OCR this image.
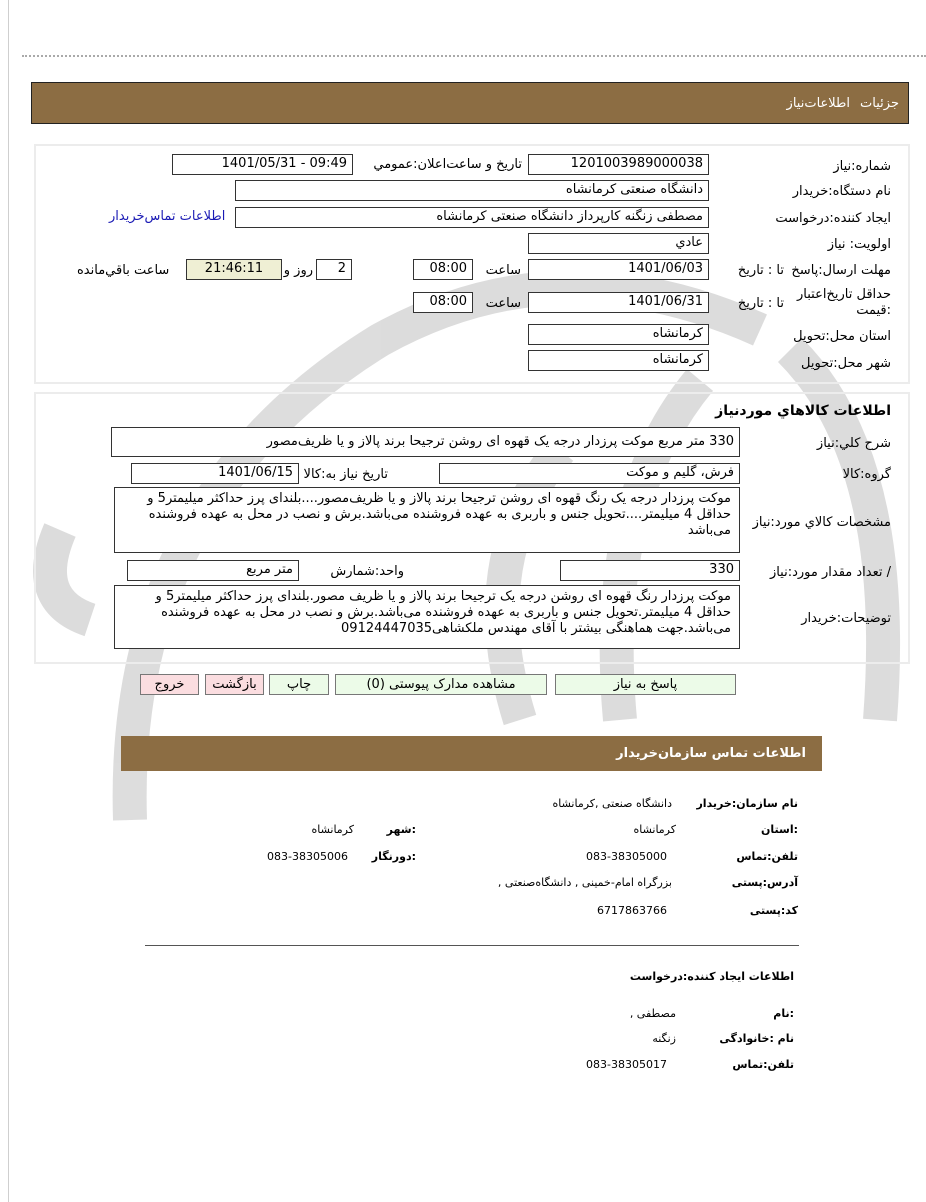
جزئیات
اطلاعات‌نیاز
شماره:نیاز
1201003989000038
تاریخ و ساعت‌اعلان:عمومي
1401/05/31 - 09:49
نام دستگاه:خریدار
دانشگاه صنعتی کرمانشاه
ایجاد کننده:درخواست
مصطفی زنگنه کارپرداز دانشگاه صنعتی کرمانشاه
اطلاعات تماس‌خریدار
اولویت: نیاز
عادي
مهلت ارسال:پاسخ
تا : تاریخ
1401/06/03
ساعت
08:00
2
روز و
21:46:11
ساعت باقي‌مانده
حداقل تاریخ‌اعتبار :قیمت
تا : تاریخ
1401/06/31
ساعت
08:00
استان محل:تحویل
کرمانشاه
شهر محل:تحویل
کرمانشاه
اطلاعات کالاهاي موردنیاز
شرح کلي:نیاز
330 متر مربع موکت پرزدار درجه یک قهوه ای روشن ترجیحا برند پالاز و یا ظریف‌مصور
گروه:کالا
فرش، گلیم و موکت
تاریخ نیاز به:کالا
1401/06/15
مشخصات کالاي مورد:نیاز
موکت پرزدار درجه یک رنگ قهوه ای روشن ترجیحا برند پالاز و یا ظریف‌مصور....بلندای پرز حداکثر میلیمتر5 و حداقل 4 میلیمتر....تحویل جنس و باربری به عهده فروشنده می‌باشد.برش و نصب در محل به عهده فروشنده می‌باشد
/ تعداد مقدار مورد:نیاز
330
واحد:شمارش
متر مربع
توضیحات:خریدار
موکت پرزدار رنگ قهوه ای روشن درجه یک ترجیحا برند پالاز و یا ظریف مصور.بلندای پرز حداکثر میلیمتر5 و حداقل 4 میلیمتر.تحویل جنس و باربری به عهده فروشنده می‌باشد.برش و نصب در محل به عهده فروشنده می‌باشد.جهت هماهنگی بیشتر با آقای مهندس ملکشاهی09124447035
پاسخ به نیاز
مشاهده مدارک پیوستی (0)
چاپ
بازگشت
خروج
اطلاعات تماس سازمان‌خریدار
نام سازمان:خریدار
دانشگاه صنعتی ,کرمانشاه
:استان
کرمانشاه
:شهر
کرمانشاه
تلفن:تماس
083-38305000
:دورنگار
083-38305006
آدرس:پستی
بزرگراه امام-خمینی , دانشگاه‌صنعتی ,
کد:پستی
6717863766
اطلاعات ایجاد کننده:درخواست
:نام
مصطفی ,
نام :خانوادگی
زنگنه
تلفن:تماس
083-38305017
